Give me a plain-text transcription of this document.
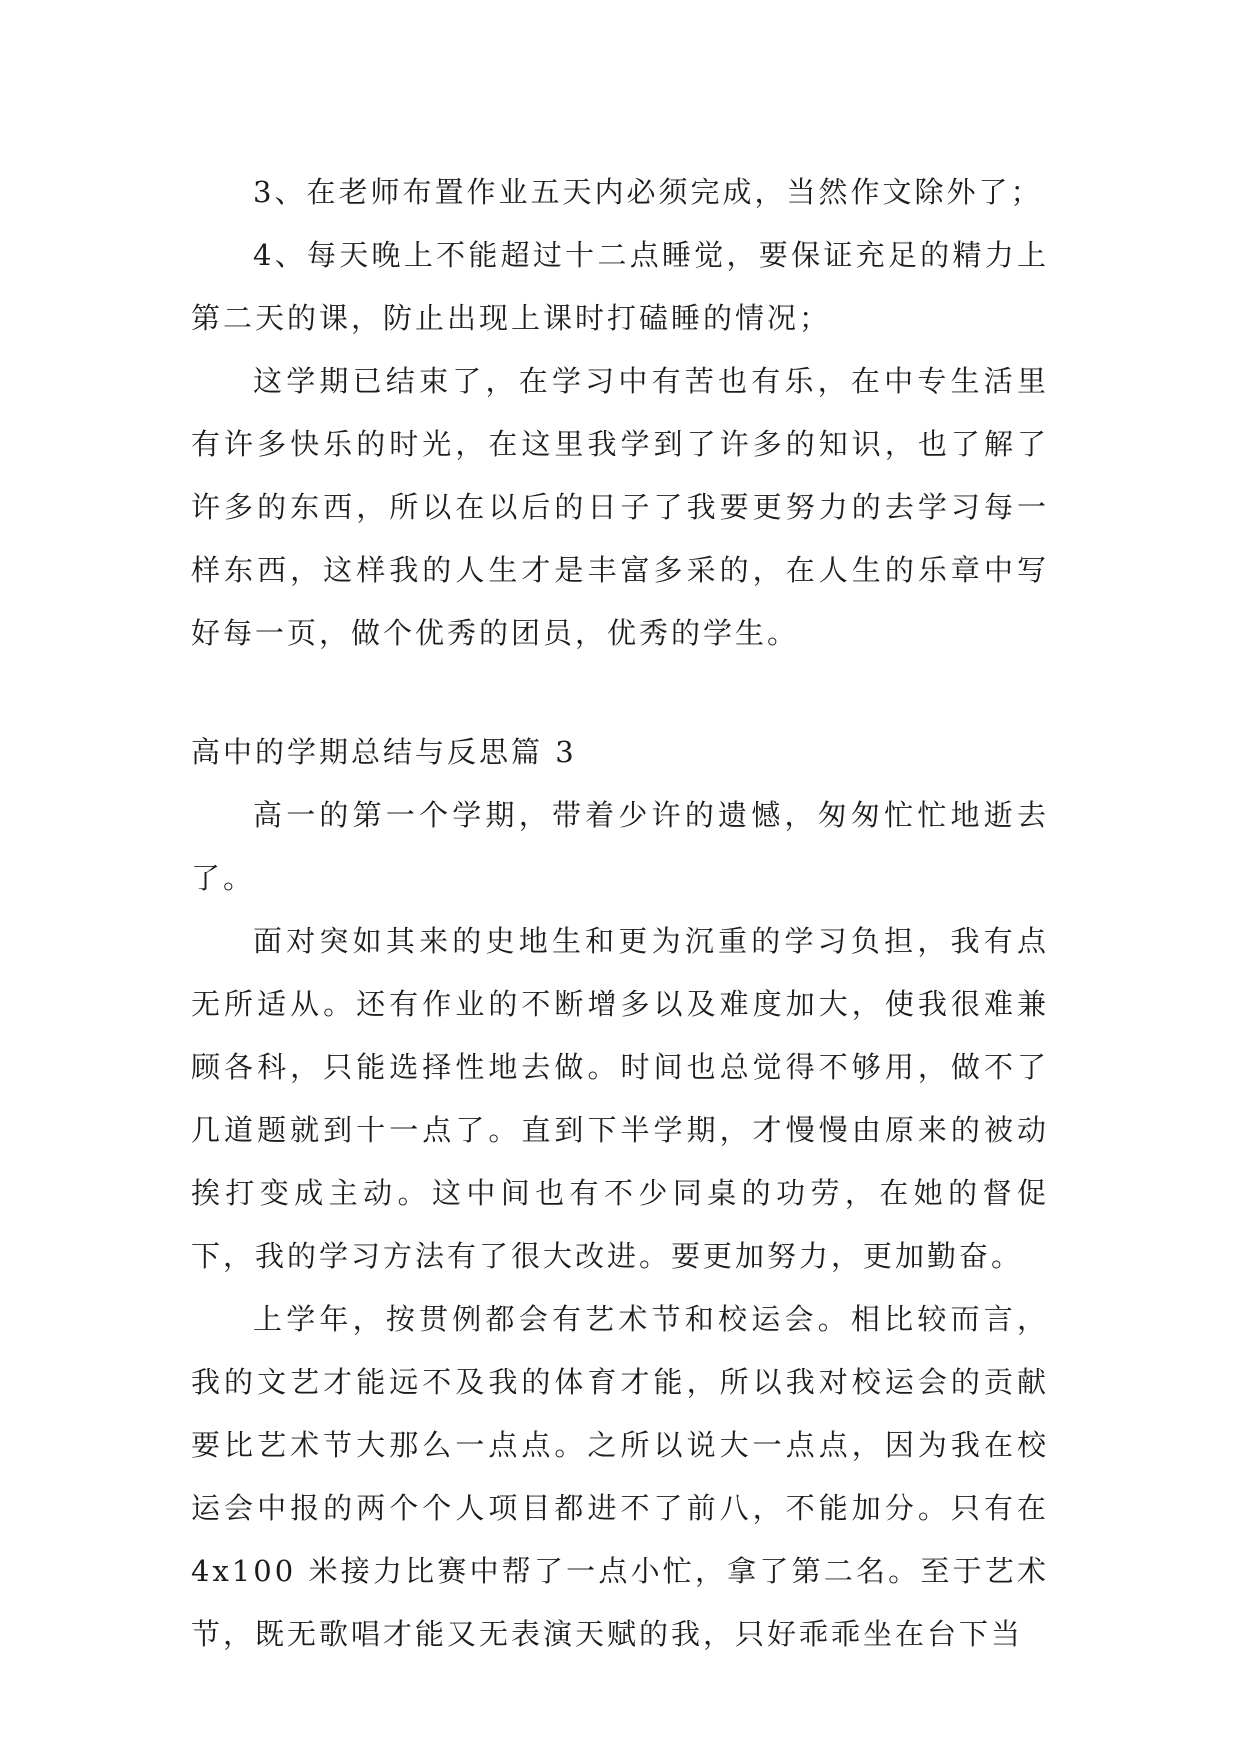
3、在老师布置作业五天内必须完成，当然作文除外了；

4、每天晚上不能超过十二点睡觉，要保证充足的精力上第二天的课，防止出现上课时打磕睡的情况；

这学期已结束了，在学习中有苦也有乐，在中专生活里有许多快乐的时光，在这里我学到了许多的知识，也了解了许多的东西，所以在以后的日子了我要更努力的去学习每一样东西，这样我的人生才是丰富多采的，在人生的乐章中写好每一页，做个优秀的团员，优秀的学生。

高中的学期总结与反思篇 3

高一的第一个学期，带着少许的遗憾，匆匆忙忙地逝去了。

面对突如其来的史地生和更为沉重的学习负担，我有点无所适从。还有作业的不断增多以及难度加大，使我很难兼顾各科，只能选择性地去做。时间也总觉得不够用，做不了几道题就到十一点了。直到下半学期，才慢慢由原来的被动挨打变成主动。这中间也有不少同桌的功劳，在她的督促下，我的学习方法有了很大改进。要更加努力，更加勤奋。

上学年，按贯例都会有艺术节和校运会。相比较而言，我的文艺才能远不及我的体育才能，所以我对校运会的贡献要比艺术节大那么一点点。之所以说大一点点，因为我在校运会中报的两个个人项目都进不了前八，不能加分。只有在 4x100 米接力比赛中帮了一点小忙，拿了第二名。至于艺术节，既无歌唱才能又无表演天赋的我，只好乖乖坐在台下当
